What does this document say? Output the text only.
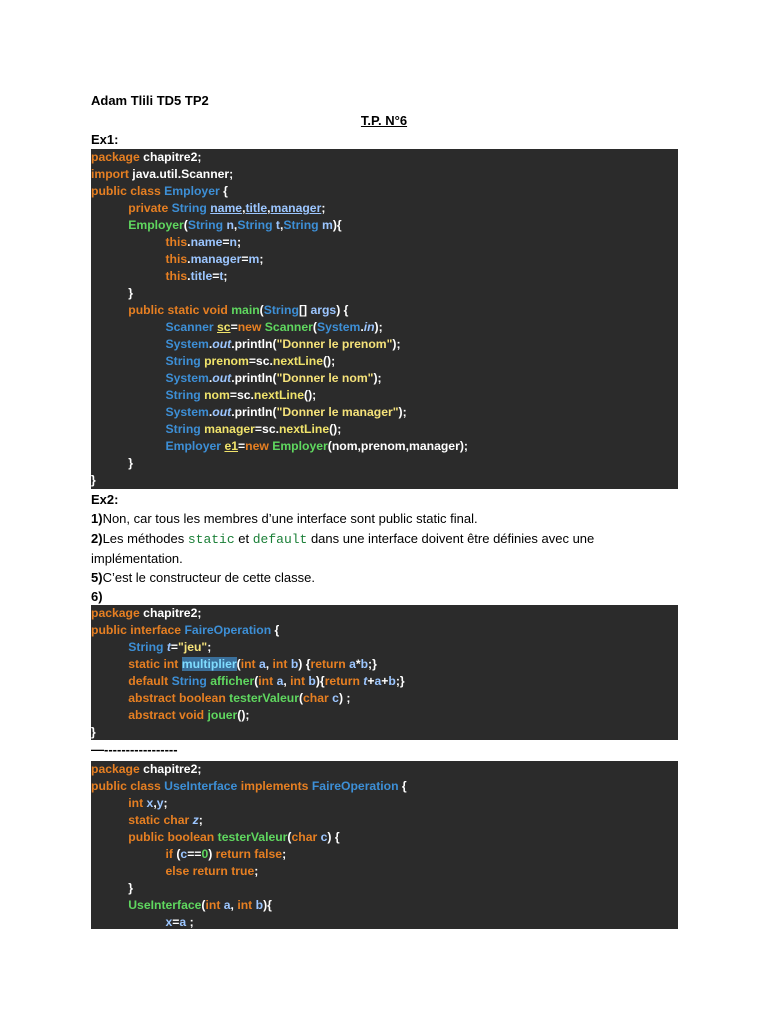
Adam Tlili TD5 TP2
T.P. N°6
Ex1:
package chapitre2;
import java.util.Scanner;
public class Employer {
private String name,title,manager;
Employer(String n,String t,String m){
this.name=n;
this.manager=m;
this.title=t;
}
public static void main(String[] args) {
Scanner sc=new Scanner(System.in);
System.out.println("Donner le prenom");
String prenom=sc.nextLine();
System.out.println("Donner le nom");
String nom=sc.nextLine();
System.out.println("Donner le manager");
String manager=sc.nextLine();
Employer e1=new Employer(nom,prenom,manager);
}
}
Ex2:
1)Non, car tous les membres d’une interface sont public static final.
2)Les méthodes static et default dans une interface doivent être définies avec une implémentation.
5)C’est le constructeur de cette classe.
6)
package chapitre2;
public interface FaireOperation {
String t="jeu";
static int multiplier(int a, int b) {return a*b;}
default String afficher(int a, int b){return t+a+b;}
abstract boolean testerValeur(char c) ;
abstract void jouer();
}
—-----------------
package chapitre2;
public class UseInterface implements FaireOperation {
int x,y;
static char z;
public boolean testerValeur(char c) {
if (c==0) return false;
else return true;
}
UseInterface(int a, int b){
x=a ;
